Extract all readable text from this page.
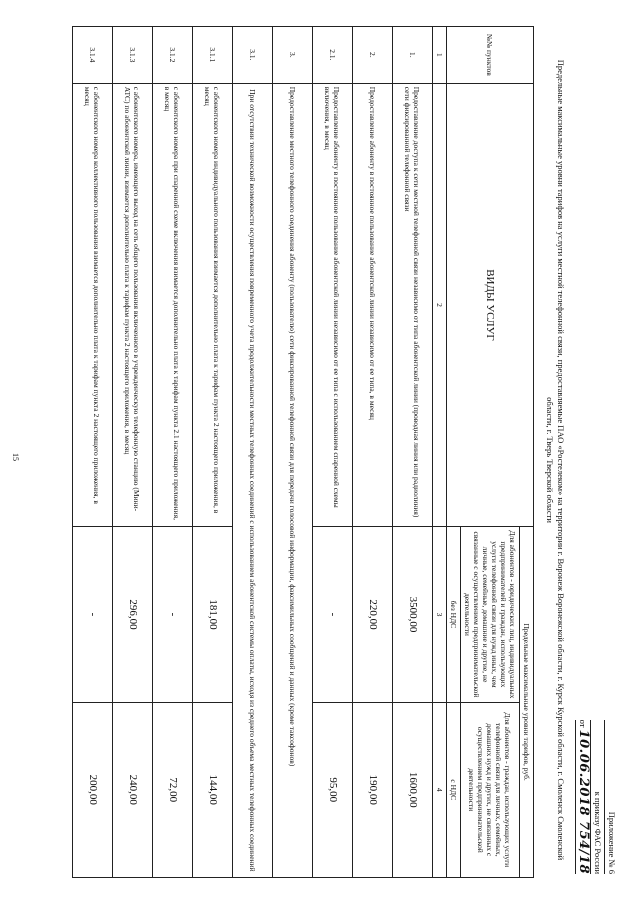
15
Приложение № 6
к приказу ФАС России
от 10.06.2018 754/18
Предельные максимальные уровни тарифов на услуги местной телефонной связи, предоставляемые ПАО «Ростелеком» на территории г. Воронеж Воронежской области, г. Курск Курской области, г. Смоленск Смоленской области, г. Тверь Тверской области
№№ пунктов	ВИДЫ УСЛУГ	Предельные максимальные уровни тарифов, руб.	
		Для абонентов - юридических лиц, индивидуальных предпринимателей и граждан, использующих услуги телефонной связи для нужд иных, чем личные, семейные, домашние и другие, не связанные с осуществлением предпринимательской деятельности	Для абонентов - граждан, использующих услуги телефонной связи для личных, семейных, домашних нужд и других, не связанных с осуществлением предпринимательской деятельности
		без НДС	с НДС
1	2	3	4
1.	Предоставление доступа к сети местной телефонной связи независимо от типа абонентской линии (проводная линия или радиолиния) сети фиксированной телефонной связи	3500,00	1600,00
2.	Предоставление абоненту в постоянное пользование абонентской линии независимо от ее типа, в месяц	220,00	190,00
2.1.	Предоставление абоненту в постоянное пользование абонентской линии независимо от ее типа с использованием спаренной схемы включения, в месяц	-	95,00
3.	Предоставление местного телефонного соединения абоненту (пользователю) сети фиксированной телефонной связи для передачи голосовой информации, факсимильных сообщений и данных (кроме таксофонов)		
3.1.	При отсутствии технической возможности осуществления повременного учета продолжительности местных телефонных соединений с использованием абонентской системы оплаты, исходя из среднего объема местных телефонных соединений		
3.1.1	с абонентского номера индивидуального пользования взимается дополнительно плата к тарифам пункта 2 настоящего приложения, в месяц	181,00	144,00
3.1.2	с абонентского номера при спаренной схеме включения взимается дополнительно плата к тарифам пункта 2.1 настоящего приложения, в месяц	-	72,00
3.1.3	с абонентского номера, имеющего выход на сеть общего пользования включенного в учрежденческую телефонную станцию (Мини-АТС) по абонентской линии, взимается дополнительно плата к тарифам пункта 2 настоящего приложения, в месяц	296,00	240,00
3.1.4	с абонентского номера коллективного пользования взимается дополнительно плата к тарифам пункта 2 настоящего приложения, в месяц	-	200,00
